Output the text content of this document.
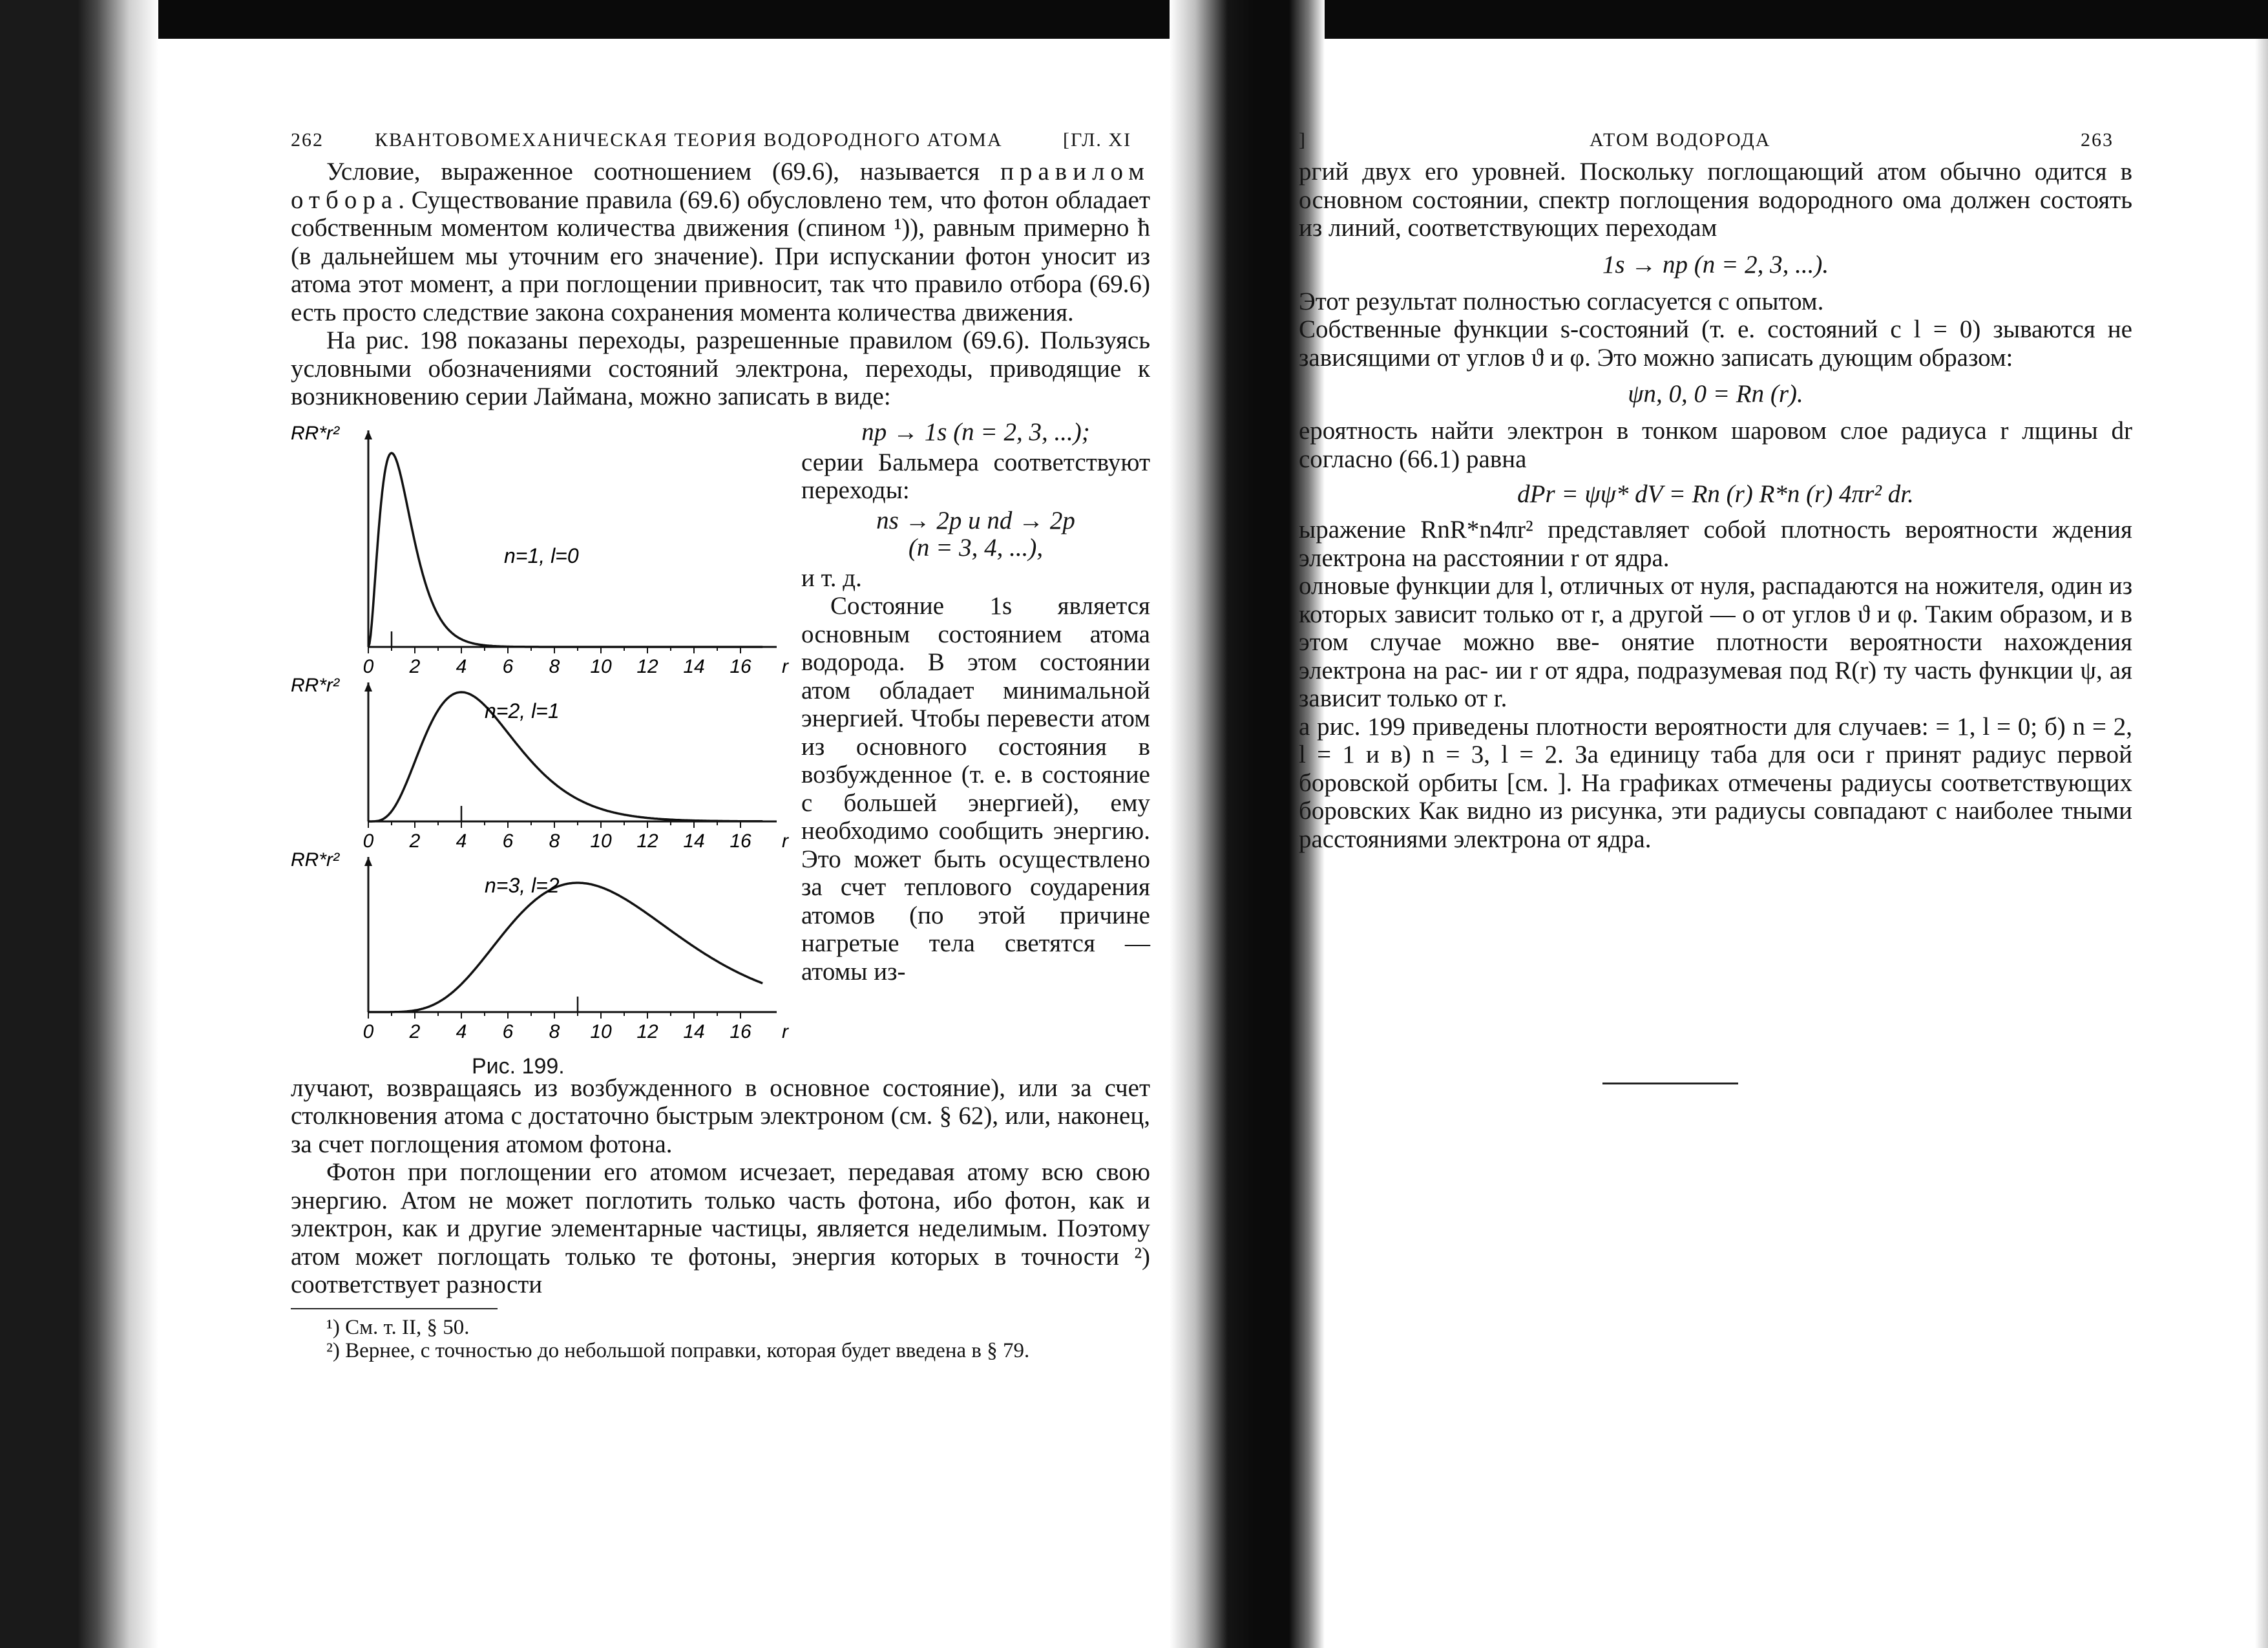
262	КВАНТОВОМЕХАНИЧЕСКАЯ ТЕОРИЯ ВОДОРОДНОГО АТОМА	[ГЛ. XI

Условие, выраженное соотношением (69.6), называется правилом отбора. Существование правила (69.6) обусловлено тем, что фотон обладает собственным моментом количества движения (спином ¹)), равным примерно ħ (в дальнейшем мы уточним его значение). При испускании фотон уносит из атома этот момент, а при поглощении привносит, так что правило отбора (69.6) есть просто следствие закона сохранения момента количества движения.

На рис. 198 показаны переходы, разрешенные правилом (69.6). Пользуясь условными обозначениями состояний электрона, переходы, приводящие к возникновению серии Лаймана, можно записать в виде:

RR*r²
0 2 4 6 8 10 12 14 16 r
n=1, l=0
RR*r²
0 2 4 6 8 10 12 14 16 r
n=2, l=1
RR*r²
0 2 4 6 8 10 12 14 16 r
n=3, l=2
Рис. 199.
np → 1s (n = 2, 3, ...);

серии Бальмера соответствуют переходы:

ns → 2p и nd → 2p
(n = 3, 4, ...),

и т. д.

Состояние 1s является основным состоянием атома водорода. В этом состоянии атом обладает минимальной энергией. Чтобы перевести атом из основного состояния в возбужденное (т. е. в состояние с большей энергией), ему необходимо сообщить энергию. Это может быть осуществлено за счет теплового соударения атомов (по этой причине нагретые тела светятся — атомы из-

лучают, возвращаясь из возбужденного в основное состояние), или за счет столкновения атома с достаточно быстрым электроном (см. § 62), или, наконец, за счет поглощения атомом фотона.

Фотон при поглощении его атомом исчезает, передавая атому всю свою энергию. Атом не может поглотить только часть фотона, ибо фотон, как и электрон, как и другие элементарные частицы, является неделимым. Поэтому атом может поглощать только те фотоны, энергия которых в точности ²) соответствует разности

¹) См. т. II, § 50.

²) Вернее, с точностью до небольшой поправки, которая будет введена в § 79.

]	АТОМ ВОДОРОДА	263

ргий двух его уровней. Поскольку поглощающий атом обычно одится в основном состоянии, спектр поглощения водородного ома должен состоять из линий, соответствующих переходам

1s → np (n = 2, 3, ...).

Этот результат полностью согласуется с опытом.

Собственные функции s-состояний (т. е. состояний с l = 0) зываются не зависящими от углов ϑ и φ. Это можно записать дующим образом:

ψn, 0, 0 = Rn (r).

ероятность найти электрон в тонком шаровом слое радиуса r лщины dr согласно (66.1) равна

dPr = ψψ* dV = Rn (r) R*n (r) 4πr² dr.

ыражение RnR*n4πr² представляет собой плотность вероятности ждения электрона на расстоянии r от ядра.

олновые функции для l, отличных от нуля, распадаются на ножителя, один из которых зависит только от r, а другой — о от углов ϑ и φ. Таким образом, и в этом случае можно вве- онятие плотности вероятности нахождения электрона на рас- ии r от ядра, подразумевая под R(r) ту часть функции ψ, ая зависит только от r.

а рис. 199 приведены плотности вероятности для случаев: = 1, l = 0; б) n = 2, l = 1 и в) n = 3, l = 2. За единицу таба для оси r принят радиус первой боровской орбиты [см. ]. На графиках отмечены радиусы соответствующих боровских Как видно из рисунка, эти радиусы совпадают с наиболее тными расстояниями электрона от ядра.
